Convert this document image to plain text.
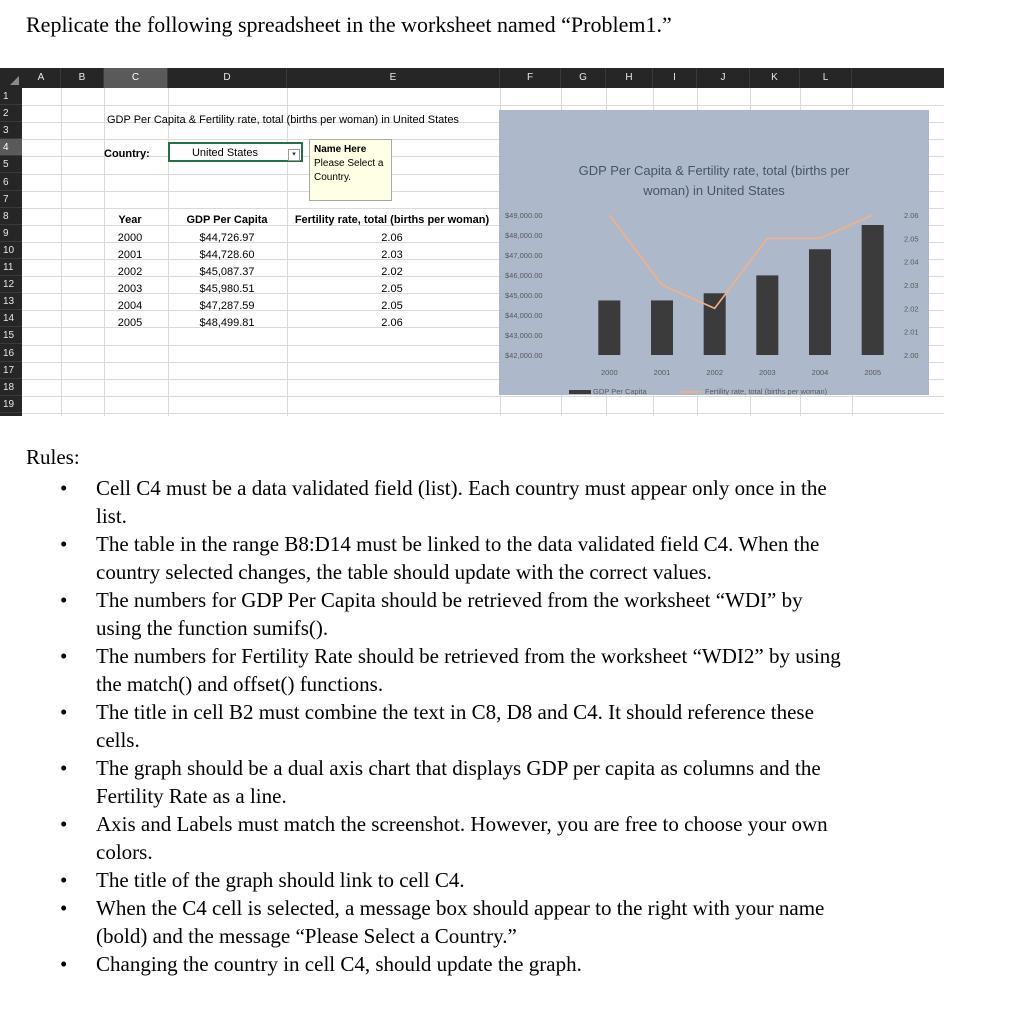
Replicate the following spreadsheet in the worksheet named “Problem1.”
A	B	C	D	E	F	G	H	I	J	K	L
1
2
3
4
5
6
7
8
9
10
11
12
13
14
15
16
17
18
19
GDP Per Capita & Fertility rate, total (births per woman) in United States
Country:	United States	▾	Name Here
Please Select a Country.
Year	GDP Per Capita	Fertility rate, total (births per woman)
2000	$44,726.97	2.06
2001	$44,728.60	2.03
2002	$45,087.37	2.02
2003	$45,980.51	2.05
2004	$47,287.59	2.05
2005	$48,499.81	2.06
GDP Per Capita & Fertility rate, total (births per
woman) in United States
$42,000.00
$43,000.00
$44,000.00
$45,000.00
$46,000.00
$47,000.00
$48,000.00
$49,000.00
2.00
2.01
2.02
2.03
2.04
2.05
2.06
2000	2001	2002	2003	2004	2005
GDP Per Capita	Fertility rate, total (births per woman)
Rules:
• Cell C4 must be a data validated field (list). Each country must appear only once in the
list.
• The table in the range B8:D14 must be linked to the data validated field C4. When the
country selected changes, the table should update with the correct values.
• The numbers for GDP Per Capita should be retrieved from the worksheet “WDI” by
using the function sumifs().
• The numbers for Fertility Rate should be retrieved from the worksheet “WDI2” by using
the match() and offset() functions.
• The title in cell B2 must combine the text in C8, D8 and C4. It should reference these
cells.
• The graph should be a dual axis chart that displays GDP per capita as columns and the
Fertility Rate as a line.
• Axis and Labels must match the screenshot. However, you are free to choose your own
colors.
• The title of the graph should link to cell C4.
• When the C4 cell is selected, a message box should appear to the right with your name
(bold) and the message “Please Select a Country.”
• Changing the country in cell C4, should update the graph.
